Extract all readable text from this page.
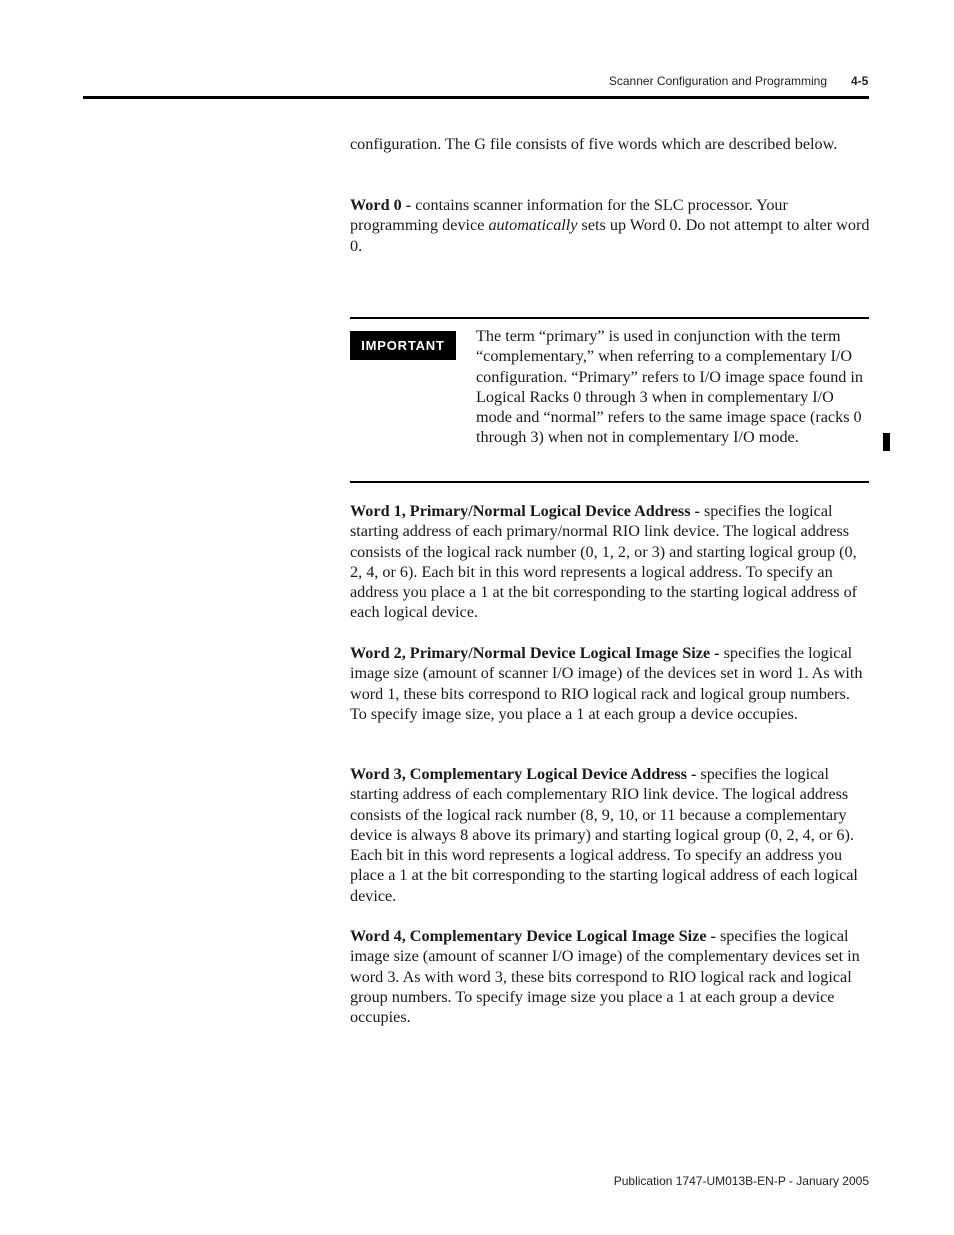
Scanner Configuration and Programming 4-5

configuration. The G file consists of five words which are described below.

Word 0 - contains scanner information for the SLC processor. Your programming device automatically sets up Word 0. Do not attempt to alter word 0.

IMPORTANT
The term “primary” is used in conjunction with the term “complementary,” when referring to a complementary I/O configuration. “Primary” refers to I/O image space found in Logical Racks 0 through 3 when in complementary I/O mode and “normal” refers to the same image space (racks 0 through 3) when not in complementary I/O mode.

Word 1, Primary/Normal Logical Device Address - specifies the logical starting address of each primary/normal RIO link device. The logical address consists of the logical rack number (0, 1, 2, or 3) and starting logical group (0, 2, 4, or 6). Each bit in this word represents a logical address. To specify an address you place a 1 at the bit corresponding to the starting logical address of each logical device.

Word 2, Primary/Normal Device Logical Image Size - specifies the logical image size (amount of scanner I/O image) of the devices set in word 1. As with word 1, these bits correspond to RIO logical rack and logical group numbers. To specify image size, you place a 1 at each group a device occupies.

Word 3, Complementary Logical Device Address - specifies the logical starting address of each complementary RIO link device. The logical address consists of the logical rack number (8, 9, 10, or 11 because a complementary device is always 8 above its primary) and starting logical group (0, 2, 4, or 6). Each bit in this word represents a logical address. To specify an address you place a 1 at the bit corresponding to the starting logical address of each logical device.

Word 4, Complementary Device Logical Image Size - specifies the logical image size (amount of scanner I/O image) of the complementary devices set in word 3. As with word 3, these bits correspond to RIO logical rack and logical group numbers. To specify image size you place a 1 at each group a device occupies.

Publication 1747-UM013B-EN-P - January 2005
